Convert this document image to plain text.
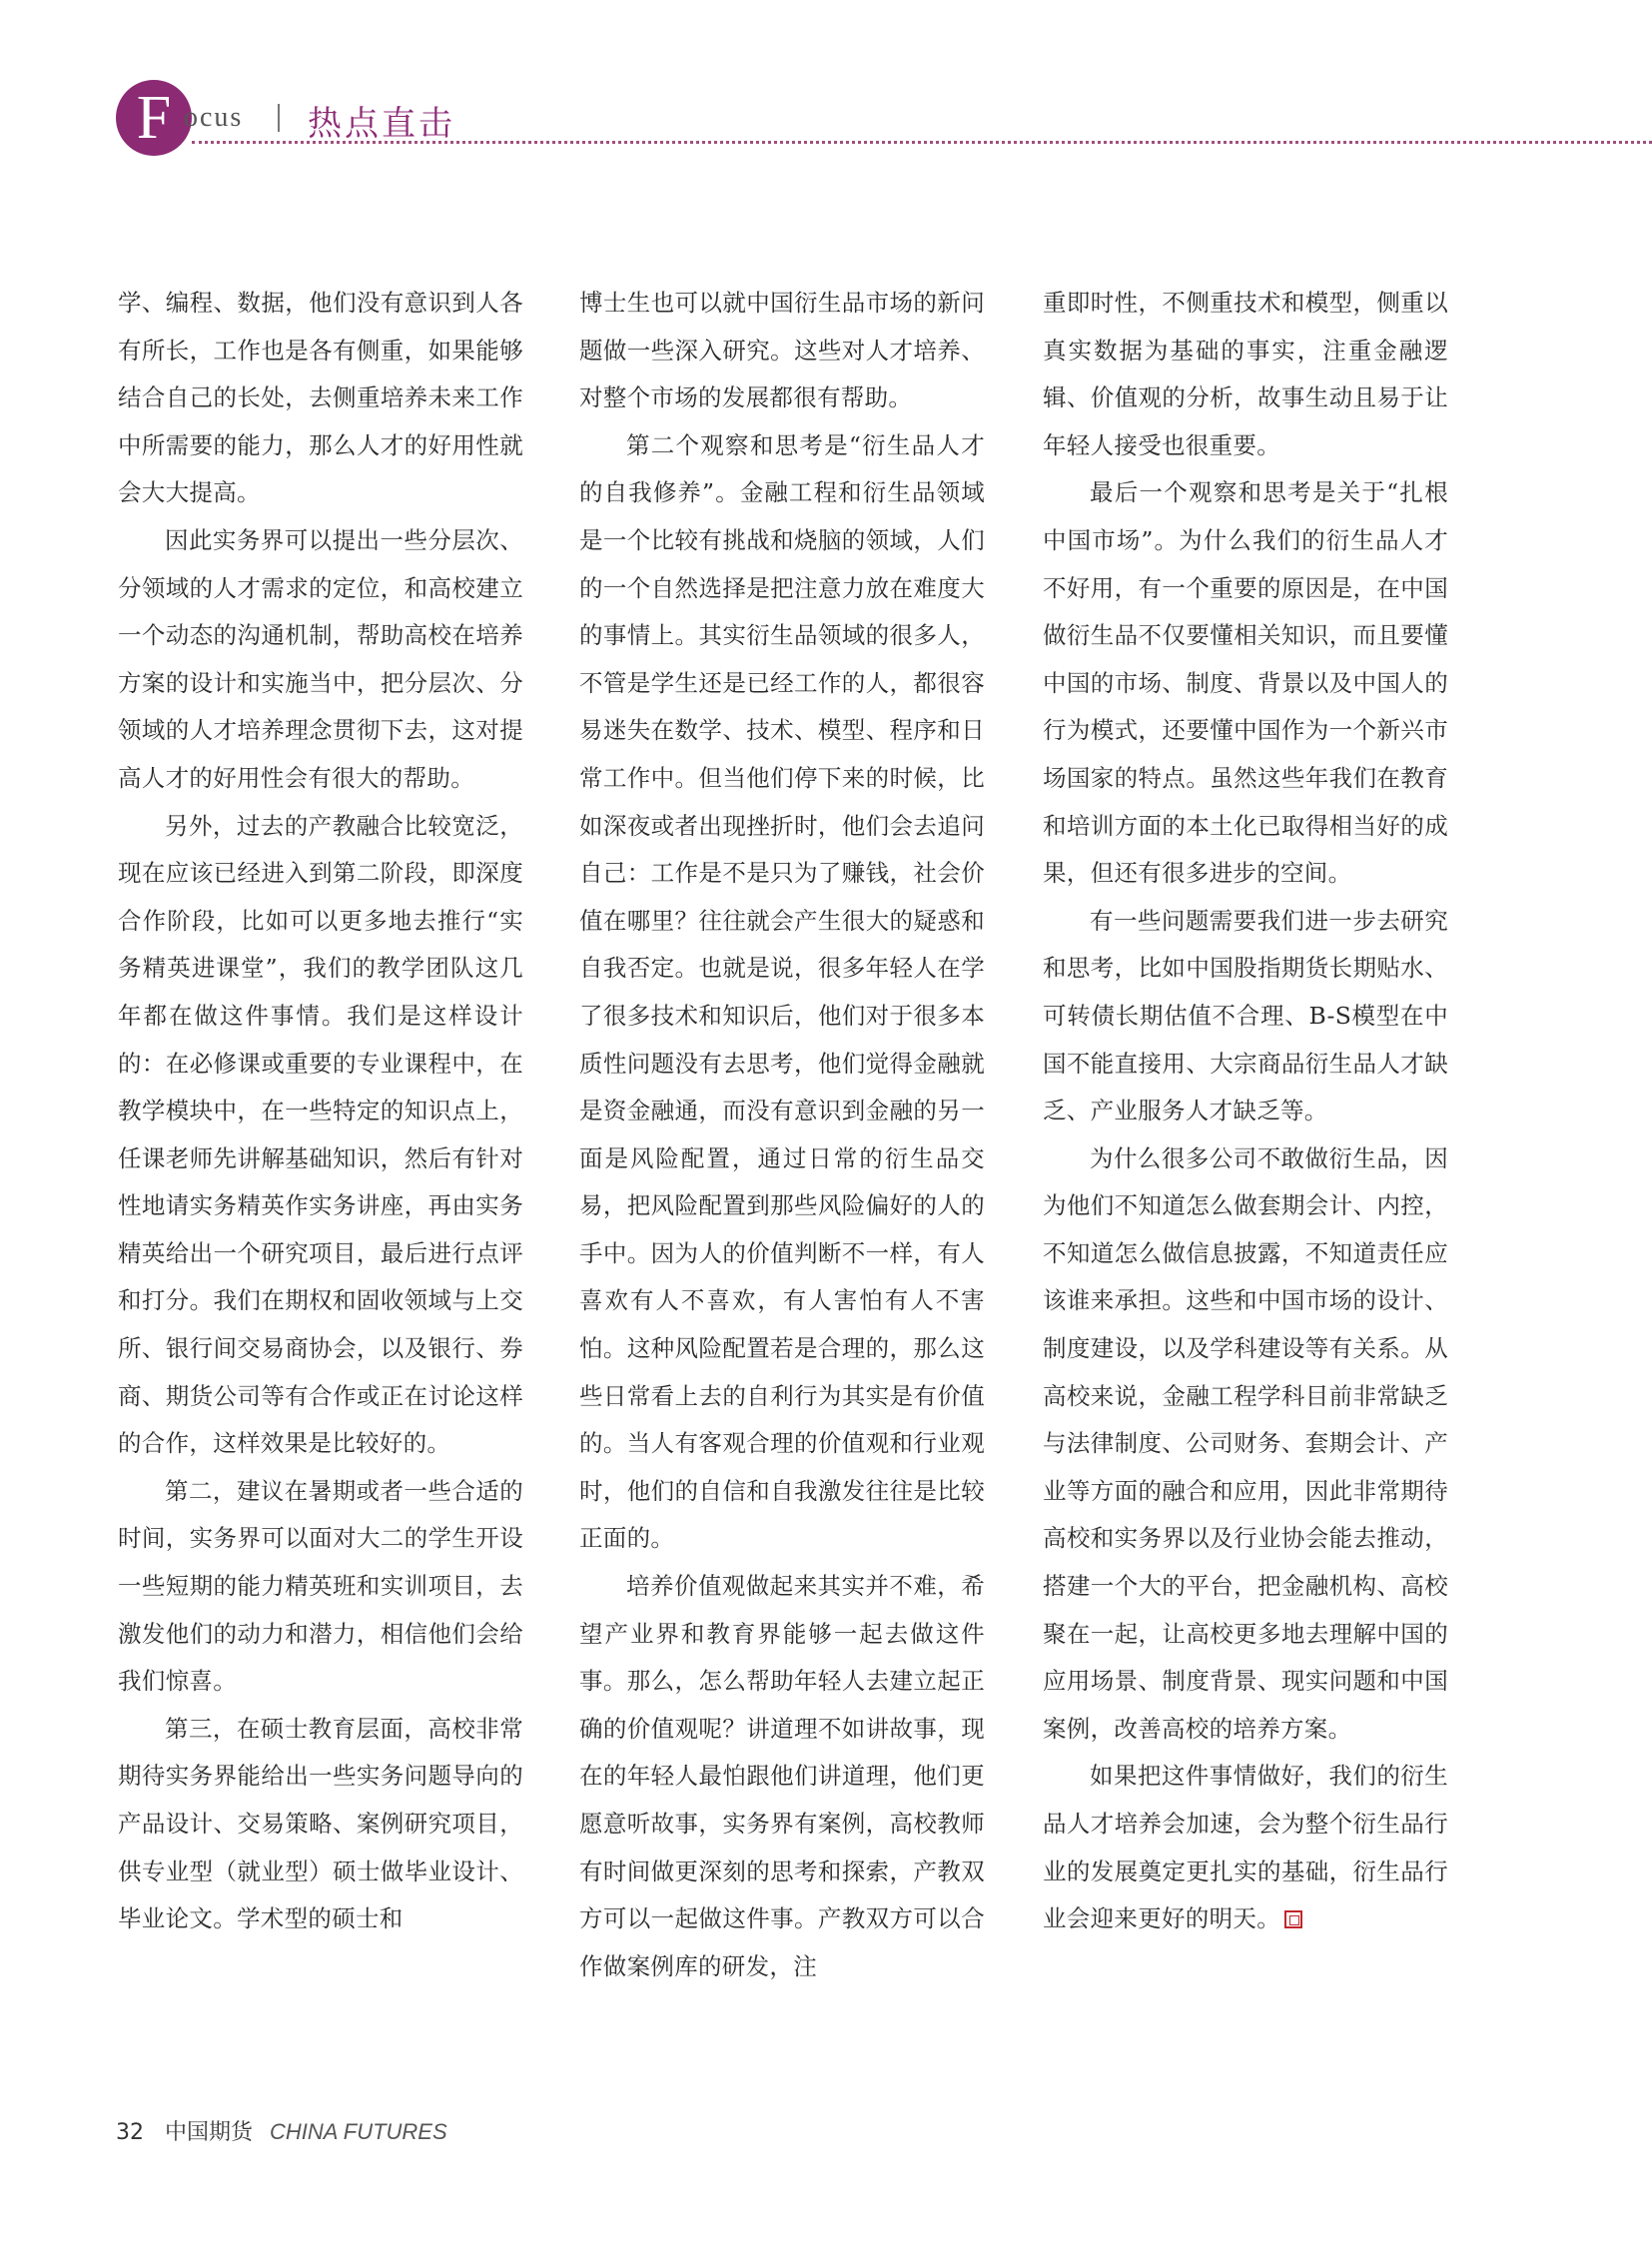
F ocus 热点直击

学、编程、数据，他们没有意识到人各有所长，工作也是各有侧重，如果能够结合自己的长处，去侧重培养未来工作中所需要的能力，那么人才的好用性就会大大提高。

因此实务界可以提出一些分层次、分领域的人才需求的定位，和高校建立一个动态的沟通机制，帮助高校在培养方案的设计和实施当中，把分层次、分领域的人才培养理念贯彻下去，这对提高人才的好用性会有很大的帮助。

另外，过去的产教融合比较宽泛，现在应该已经进入到第二阶段，即深度合作阶段，比如可以更多地去推行“实务精英进课堂”，我们的教学团队这几年都在做这件事情。我们是这样设计的：在必修课或重要的专业课程中，在教学模块中，在一些特定的知识点上，任课老师先讲解基础知识，然后有针对性地请实务精英作实务讲座，再由实务精英给出一个研究项目，最后进行点评和打分。我们在期权和固收领域与上交所、银行间交易商协会，以及银行、券商、期货公司等有合作或正在讨论这样的合作，这样效果是比较好的。

第二，建议在暑期或者一些合适的时间，实务界可以面对大二的学生开设一些短期的能力精英班和实训项目，去激发他们的动力和潜力，相信他们会给我们惊喜。

第三，在硕士教育层面，高校非常期待实务界能给出一些实务问题导向的产品设计、交易策略、案例研究项目，供专业型（就业型）硕士做毕业设计、毕业论文。学术型的硕士和

博士生也可以就中国衍生品市场的新问题做一些深入研究。这些对人才培养、对整个市场的发展都很有帮助。

第二个观察和思考是“衍生品人才的自我修养”。金融工程和衍生品领域是一个比较有挑战和烧脑的领域，人们的一个自然选择是把注意力放在难度大的事情上。其实衍生品领域的很多人，不管是学生还是已经工作的人，都很容易迷失在数学、技术、模型、程序和日常工作中。但当他们停下来的时候，比如深夜或者出现挫折时，他们会去追问自己：工作是不是只为了赚钱，社会价值在哪里？往往就会产生很大的疑惑和自我否定。也就是说，很多年轻人在学了很多技术和知识后，他们对于很多本质性问题没有去思考，他们觉得金融就是资金融通，而没有意识到金融的另一面是风险配置，通过日常的衍生品交易，把风险配置到那些风险偏好的人的手中。因为人的价值判断不一样，有人喜欢有人不喜欢，有人害怕有人不害怕。这种风险配置若是合理的，那么这些日常看上去的自利行为其实是有价值的。当人有客观合理的价值观和行业观时，他们的自信和自我激发往往是比较正面的。

培养价值观做起来其实并不难，希望产业界和教育界能够一起去做这件事。那么，怎么帮助年轻人去建立起正确的价值观呢？讲道理不如讲故事，现在的年轻人最怕跟他们讲道理，他们更愿意听故事，实务界有案例，高校教师有时间做更深刻的思考和探索，产教双方可以一起做这件事。产教双方可以合作做案例库的研发，注

重即时性，不侧重技术和模型，侧重以真实数据为基础的事实，注重金融逻辑、价值观的分析，故事生动且易于让年轻人接受也很重要。

最后一个观察和思考是关于“扎根中国市场”。为什么我们的衍生品人才不好用，有一个重要的原因是，在中国做衍生品不仅要懂相关知识，而且要懂中国的市场、制度、背景以及中国人的行为模式，还要懂中国作为一个新兴市场国家的特点。虽然这些年我们在教育和培训方面的本土化已取得相当好的成果，但还有很多进步的空间。

有一些问题需要我们进一步去研究和思考，比如中国股指期货长期贴水、可转债长期估值不合理、B-S模型在中国不能直接用、大宗商品衍生品人才缺乏、产业服务人才缺乏等。

为什么很多公司不敢做衍生品，因为他们不知道怎么做套期会计、内控，不知道怎么做信息披露，不知道责任应该谁来承担。这些和中国市场的设计、制度建设，以及学科建设等有关系。从高校来说，金融工程学科目前非常缺乏与法律制度、公司财务、套期会计、产业等方面的融合和应用，因此非常期待高校和实务界以及行业协会能去推动，搭建一个大的平台，把金融机构、高校聚在一起，让高校更多地去理解中国的应用场景、制度背景、现实问题和中国案例，改善高校的培养方案。

如果把这件事情做好，我们的衍生品人才培养会加速，会为整个衍生品行业的发展奠定更扎实的基础，衍生品行业会迎来更好的明天。

32 中国期货 CHINA FUTURES
